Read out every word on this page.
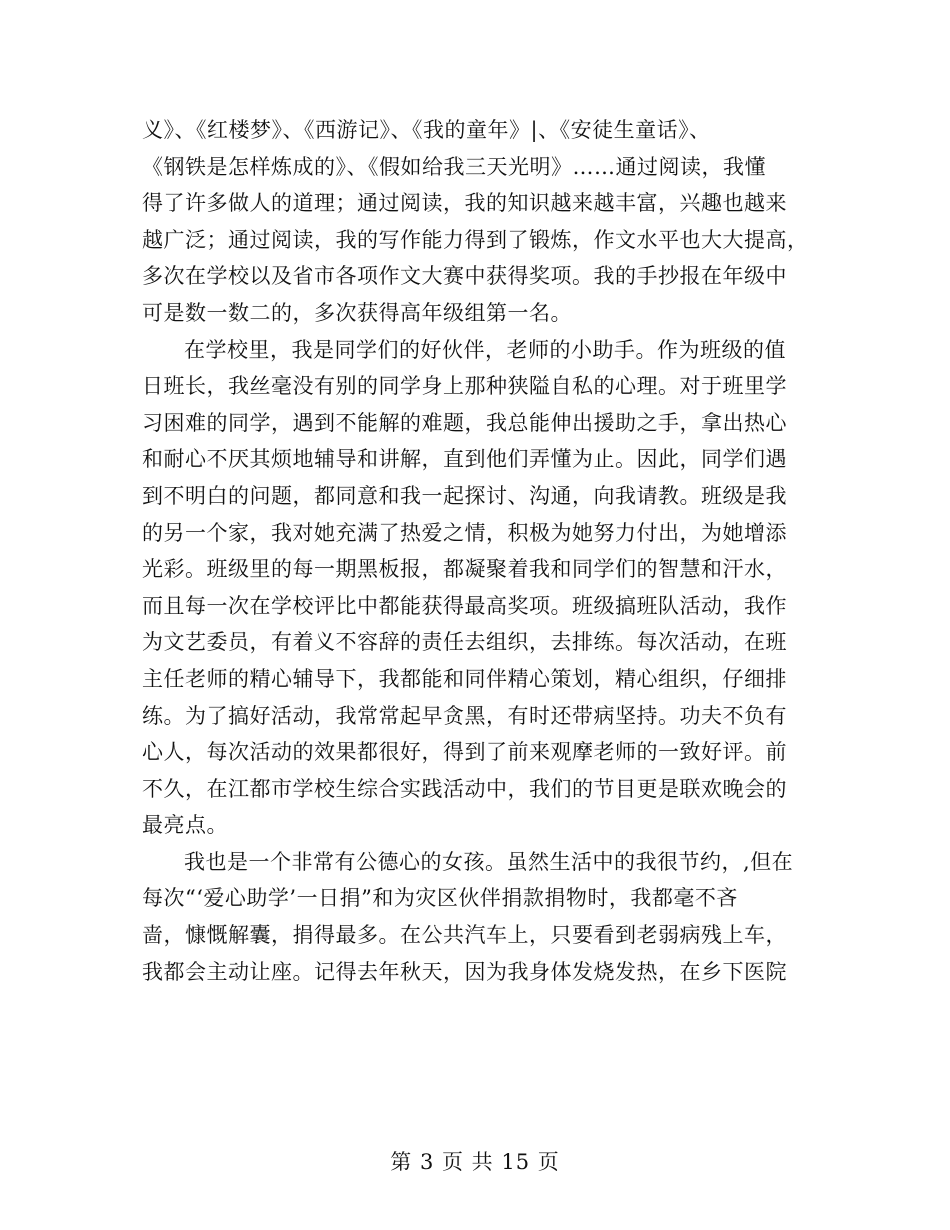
义》、《红楼梦》、《西游记》、《我的童年》|、《安徒生童话》、
《钢铁是怎样炼成的》、《假如给我三天光明》……通过阅读，我懂
得了许多做人的道理；通过阅读，我的知识越来越丰富，兴趣也越来
越广泛；通过阅读，我的写作能力得到了锻炼，作文水平也大大提高，
多次在学校以及省市各项作文大赛中获得奖项。我的手抄报在年级中
可是数一数二的，多次获得高年级组第一名。
在学校里，我是同学们的好伙伴，老师的小助手。作为班级的值
日班长，我丝毫没有别的同学身上那种狭隘自私的心理。对于班里学
习困难的同学，遇到不能解的难题，我总能伸出援助之手，拿出热心
和耐心不厌其烦地辅导和讲解，直到他们弄懂为止。因此，同学们遇
到不明白的问题，都同意和我一起探讨、沟通，向我请教。班级是我
的另一个家，我对她充满了热爱之情，积极为她努力付出，为她增添
光彩。班级里的每一期黑板报，都凝聚着我和同学们的智慧和汗水，
而且每一次在学校评比中都能获得最高奖项。班级搞班队活动，我作
为文艺委员，有着义不容辞的责任去组织，去排练。每次活动，在班
主任老师的精心辅导下，我都能和同伴精心策划，精心组织，仔细排
练。为了搞好活动，我常常起早贪黑，有时还带病坚持。功夫不负有
心人，每次活动的效果都很好，得到了前来观摩老师的一致好评。前
不久，在江都市学校生综合实践活动中，我们的节目更是联欢晚会的
最亮点。
我也是一个非常有公德心的女孩。虽然生活中的我很节约，,但在
每次“‘爱心助学’一日捐”和为灾区伙伴捐款捐物时，我都毫不吝
啬，慷慨解囊，捐得最多。在公共汽车上，只要看到老弱病残上车，
我都会主动让座。记得去年秋天，因为我身体发烧发热，在乡下医院
第 3 页 共 15 页
